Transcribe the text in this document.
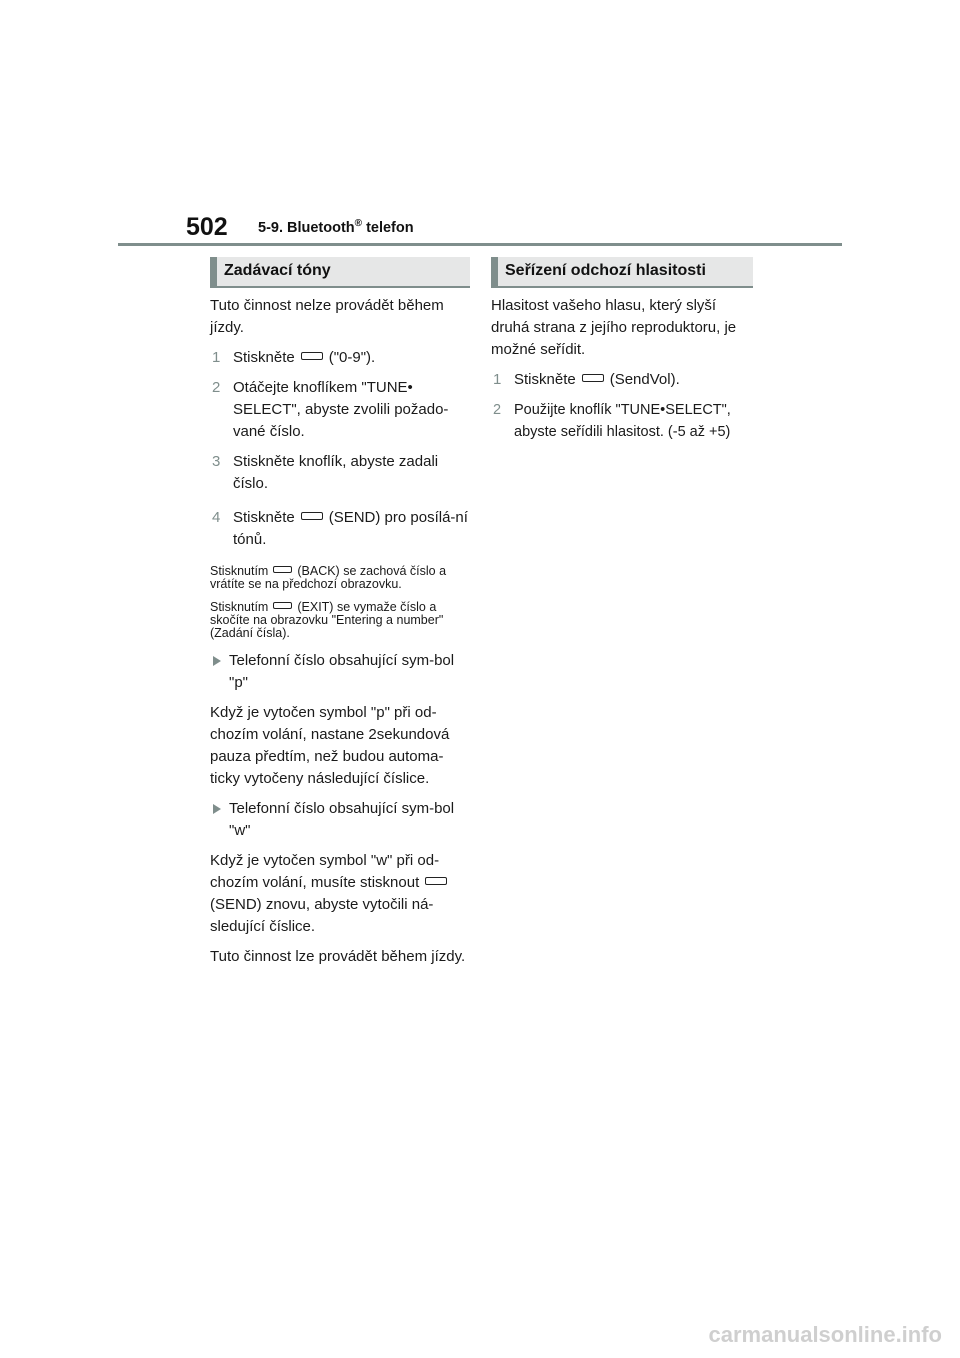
502 5-9. Bluetooth® telefon
Zadávací tóny

Tuto činnost nelze provádět během jízdy.

1 Stiskněte ("0-9").
2 Otáčejte knoflíkem "TUNE• SELECT", abyste zvolili požado-vané číslo.
3 Stiskněte knoflík, abyste zadali číslo.
4 Stiskněte (SEND) pro posílá-ní tónů.

Stisknutím (BACK) se zachová číslo a vrátíte se na předchozí obrazovku.

Stisknutím (EXIT) se vymaže číslo a skočíte na obrazovku "Entering a number" (Zadání čísla).

Telefonní číslo obsahující sym-bol "p"

Když je vytočen symbol "p" při od-chozím volání, nastane 2sekundová pauza předtím, než budou automa-ticky vytočeny následující číslice.

Telefonní číslo obsahující sym-bol "w"

Když je vytočen symbol "w" při od-chozím volání, musíte stisknout(SEND) znovu, abyste vytočili ná-sledující číslice.

Tuto činnost lze provádět během jízdy.

Seřízení odchozí hlasitosti

Hlasitost vašeho hlasu, který slyší druhá strana z jejího reproduktoru, je možné seřídit.

1 Stiskněte (SendVol).
2 Použijte knoflík "TUNE•SELECT", abyste seřídili hlasitost. (-5 až +5)
carmanualsonline.info
